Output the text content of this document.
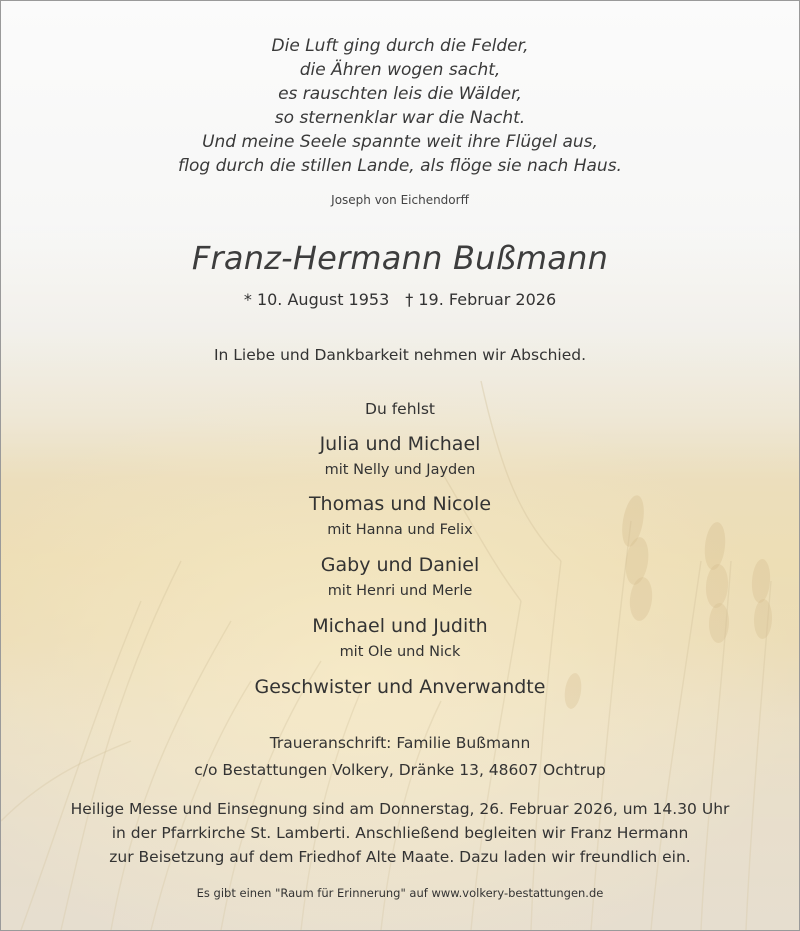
Die Luft ging durch die Felder,
die Ähren wogen sacht,
es rauschten leis die Wälder,
so sternenklar war die Nacht.
Und meine Seele spannte weit ihre Flügel aus,
flog durch die stillen Lande, als flöge sie nach Haus.
Joseph von Eichendorff
Franz-Hermann Bußmann
* 10. August 1953 † 19. Februar 2026
In Liebe und Dankbarkeit nehmen wir Abschied.
Du fehlst
Julia und Michael
mit Nelly und Jayden
Thomas und Nicole
mit Hanna und Felix
Gaby und Daniel
mit Henri und Merle
Michael und Judith
mit Ole und Nick
Geschwister und Anverwandte
Traueranschrift: Familie Bußmann
c/o Bestattungen Volkery, Dränke 13, 48607 Ochtrup
Heilige Messe und Einsegnung sind am Donnerstag, 26. Februar 2026, um 14.30 Uhr
in der Pfarrkirche St. Lamberti. Anschließend begleiten wir Franz Hermann
zur Beisetzung auf dem Friedhof Alte Maate. Dazu laden wir freundlich ein.
Es gibt einen "Raum für Erinnerung" auf www.volkery-bestattungen.de
